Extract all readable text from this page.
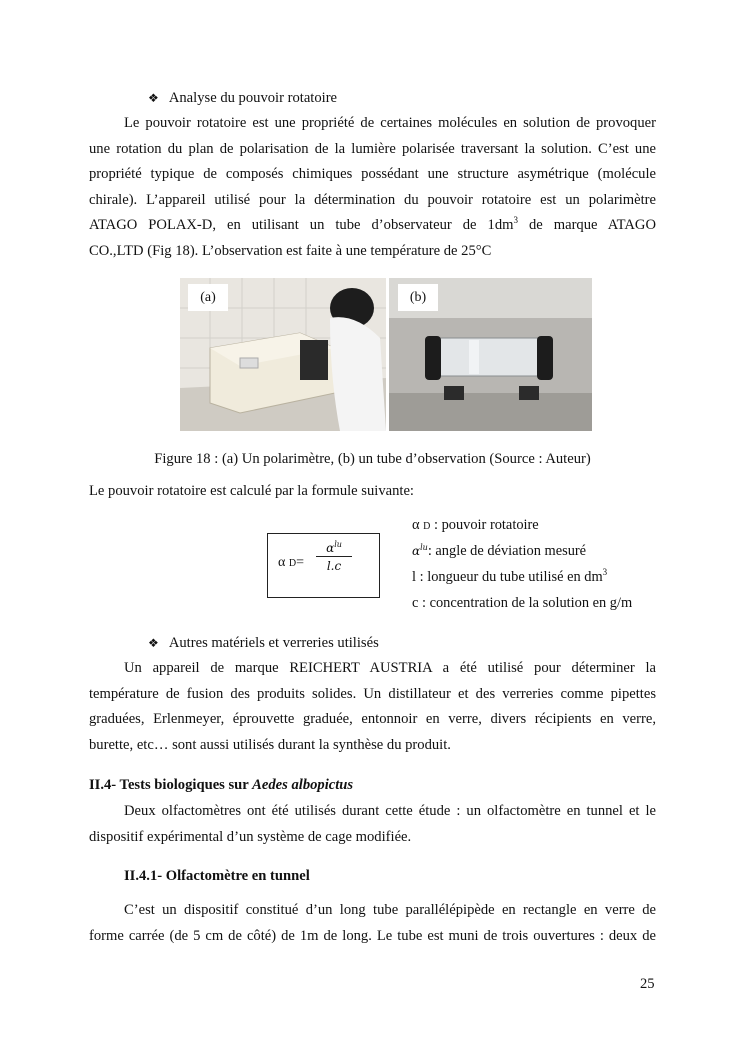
❖ Analyse du pouvoir rotatoire
Le pouvoir rotatoire est une propriété de certaines molécules en solution de provoquer
une rotation du plan de polarisation de la lumière polarisée traversant la solution. C’est une
propriété typique de composés chimiques possédant une structure asymétrique (molécule
chirale). L’appareil utilisé pour la détermination du pouvoir rotatoire est un polarimètre
ATAGO POLAX-D, en utilisant un tube d’observateur de $1dm^3$ de marque ATAGO
CO.,LTD (Fig 18). L’observation est faite à une température de 25°C
(a)	(b)
Figure 18 : (a) Un polarimètre, (b) un tube d’observation (Source : Auteur)
Le pouvoir rotatoire est calculé par la formule suivante:
α D=
$\alpha^{lu}$
l.c
α D : pouvoir rotatoire
$\alpha^{lu}$: angle de déviation mesuré
l : longueur du tube utilisé en $dm^3$
c : concentration de la solution en g/m
❖ Autres matériels et verreries utilisés
Un appareil de marque REICHERT AUSTRIA a été utilisé pour déterminer la
température de fusion des produits solides. Un distillateur et des verreries comme pipettes
graduées, Erlenmeyer, éprouvette graduée, entonnoir en verre, divers récipients en verre,
burette, etc… sont aussi utilisés durant la synthèse du produit.
II.4- Tests biologiques sur Aedes albopictus
Deux olfactomètres ont été utilisés durant cette étude : un olfactomètre en tunnel et le
dispositif expérimental d’un système de cage modifiée.
II.4.1- Olfactomètre en tunnel
C’est un dispositif constitué d’un long tube parallélépipède en rectangle en verre de
forme carrée (de 5 cm de côté) de 1m de long. Le tube est muni de trois ouvertures : deux de
25
